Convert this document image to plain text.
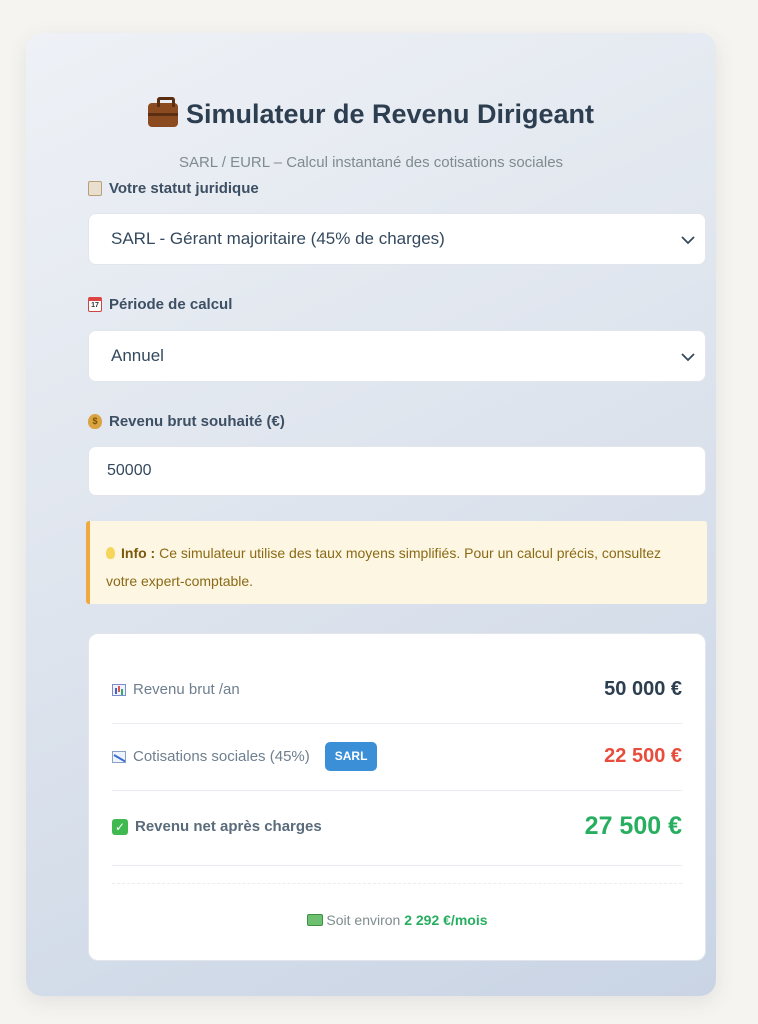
Simulateur de Revenu Dirigeant
SARL / EURL – Calcul instantané des cotisations sociales
Votre statut juridique
SARL - Gérant majoritaire (45% de charges)
17 Période de calcul
Annuel
$ Revenu brut souhaité (€)
50000
Info : Ce simulateur utilise des taux moyens simplifiés. Pour un calcul précis, consultez votre expert-comptable.
Revenu brut /an	50 000 €
Cotisations sociales (45%)	SARL	22 500 €
✓ Revenu net après charges	27 500 €
Soit environ 2 292 €/mois
